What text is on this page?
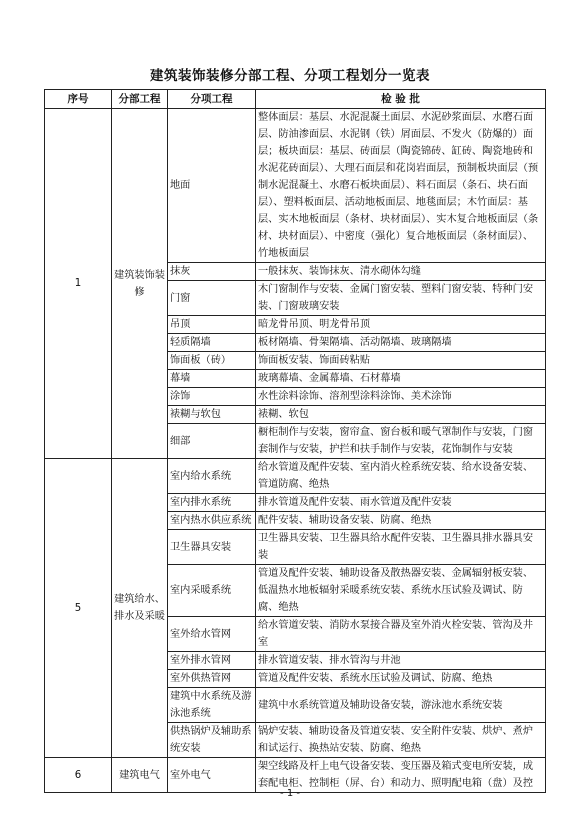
建筑装饰装修分部工程、分项工程划分一览表
序号	分部工程	分项工程	检 验 批
1	建筑装饰装修	地面	整体面层：基层、水泥混凝土面层、水泥砂浆面层、水磨石面层、防油渗面层、水泥钢（铁）屑面层、不发火（防爆的）面层；板块面层：基层、砖面层（陶瓷锦砖、缸砖、陶瓷地砖和水泥花砖面层）、大理石面层和花岗岩面层，预制板块面层（预制水泥混凝土、水磨石板块面层）、料石面层（条石、块石面层）、塑料板面层、活动地板面层、地毯面层；木竹面层：基层、实木地板面层（条材、块材面层）、实木复合地板面层（条材、块材面层）、中密度（强化）复合地板面层（条材面层）、竹地板面层
		抹灰	一般抹灰、装饰抹灰、清水砌体勾缝
		门窗	木门窗制作与安装、金属门窗安装、塑料门窗安装、特种门安装、门窗玻璃安装
		吊顶	暗龙骨吊顶、明龙骨吊顶
		轻质隔墙	板材隔墙、骨架隔墙、活动隔墙、玻璃隔墙
		饰面板（砖）	饰面板安装、饰面砖粘贴
		幕墙	玻璃幕墙、金属幕墙、石材幕墙
		涂饰	水性涂料涂饰、溶剂型涂料涂饰、美术涂饰
		裱糊与软包	裱糊、软包
		细部	橱柜制作与安装，窗帘盒、窗台板和暖气罩制作与安装，门窗套制作与安装，护拦和扶手制作与安装，花饰制作与安装
5	建筑给水、排水及采暖	室内给水系统	给水管道及配件安装、室内消火栓系统安装、给水设备安装、管道防腐、绝热
		室内排水系统	排水管道及配件安装、雨水管道及配件安装
		室内热水供应系统	配件安装、辅助设备安装、防腐、绝热
		卫生器具安装	卫生器具安装、卫生器具给水配件安装、卫生器具排水器具安装
		室内采暖系统	管道及配件安装、辅助设备及散热器安装、金属辐射板安装、低温热水地板辐射采暖系统安装、系统水压试验及调试、防腐、绝热
		室外给水管网	给水管道安装、消防水泵接合器及室外消火栓安装、管沟及井室
		室外排水管网	排水管道安装、排水管沟与井池
		室外供热管网	管道及配件安装、系统水压试验及调试、防腐、绝热
		建筑中水系统及游泳池系统	建筑中水系统管道及辅助设备安装，游泳池水系统安装
		供热锅炉及辅助系统安装	锅炉安装、辅助设备及管道安装、安全附件安装、烘炉、煮炉和试运行、换热站安装、防腐、绝热
6	建筑电气	室外电气	架空线路及杆上电气设备安装、变压器及箱式变电所安装，成套配电柜、控制柜（屏、台）和动力、照明配电箱（盘）及控
- 1 -
